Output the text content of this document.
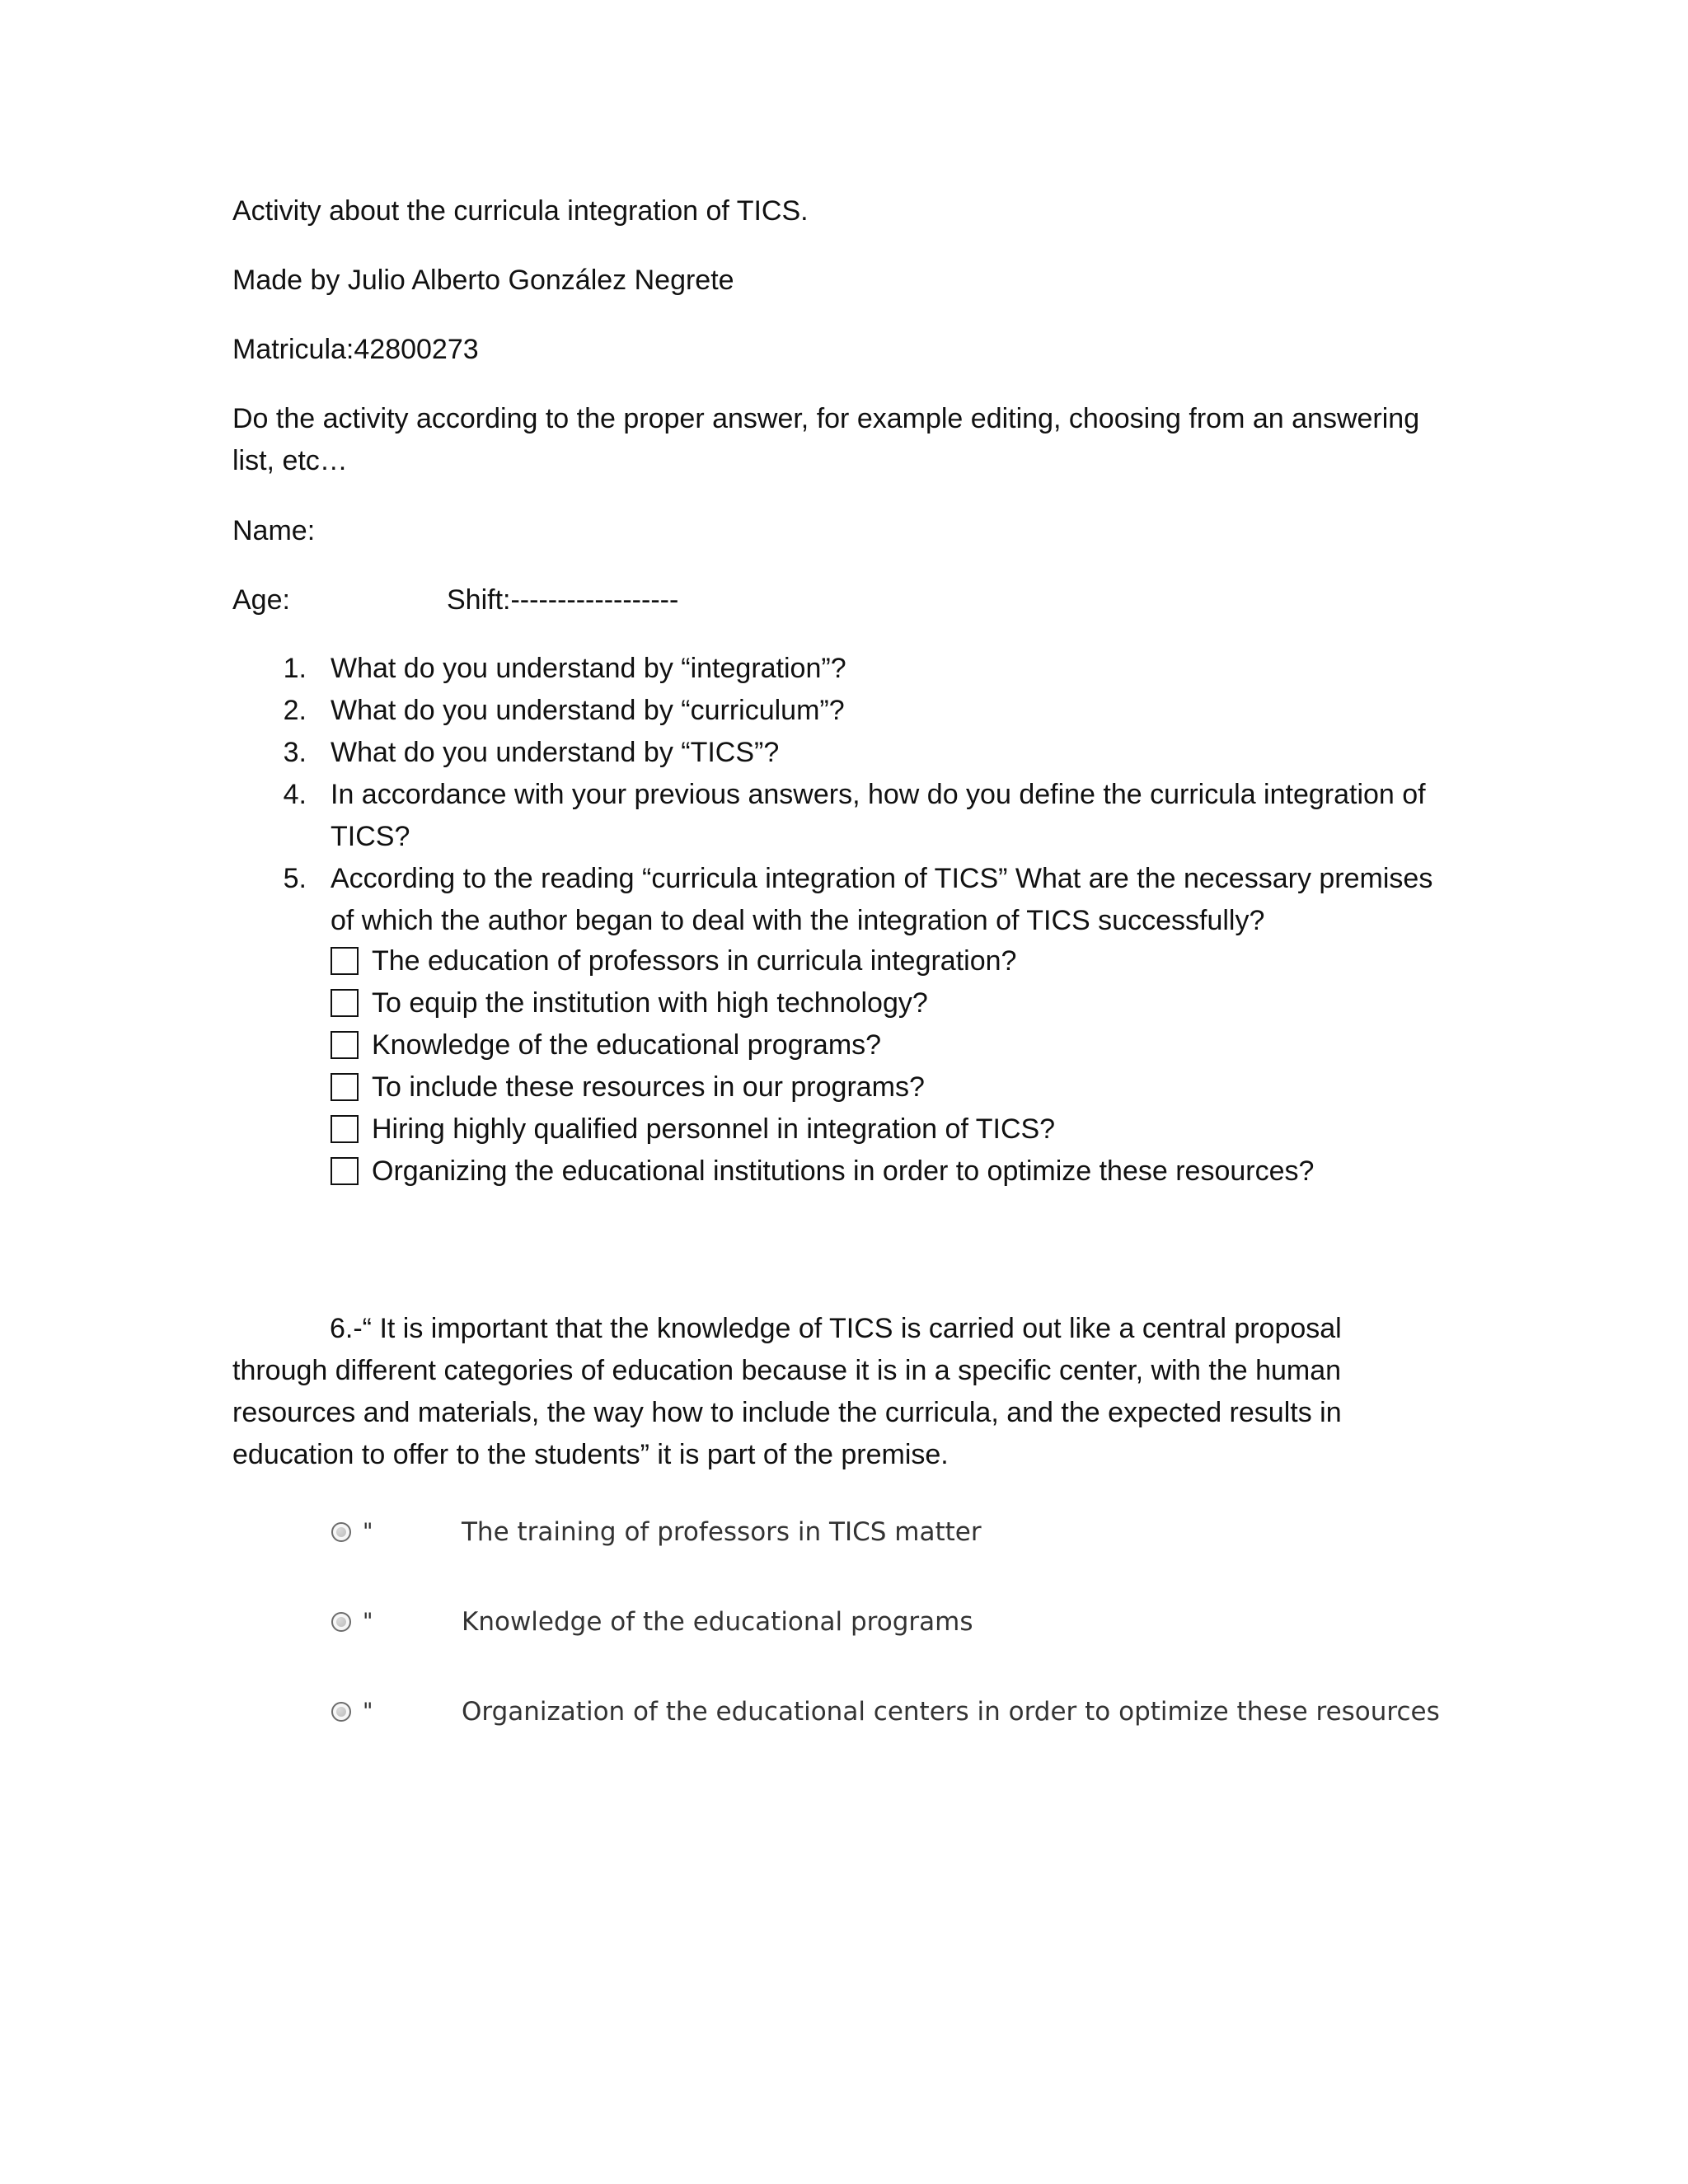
Activity about the curricula integration of TICS.
Made by Julio Alberto González Negrete
Matricula:42800273
Do the activity according to the proper answer, for example editing, choosing from an answering list, etc…
Name:
Age:	Shift:------------------
1. What do you understand by “integration”?
2. What do you understand by “curriculum”?
3. What do you understand by “TICS”?
4. In accordance with your previous answers, how do you define the curricula integration of TICS?
5. According to the reading “curricula integration of TICS” What are the necessary premises of which the author began to deal with the integration of TICS successfully?
The education of professors in curricula integration?
To equip the institution with high technology?
Knowledge of the educational programs?
To include these resources in our programs?
Hiring highly qualified personnel in integration of TICS?
Organizing the educational institutions in order to optimize these resources?
6.-“ It is important that the knowledge of TICS is carried out like a central proposal through different categories of education because it is in a specific center, with the human resources and materials, the way how to include the curricula, and the expected results in education to offer to the students” it is part of the premise.
"	The training of professors in TICS matter
"	Knowledge of the educational programs
"	Organization of the educational centers in order to optimize these resources
